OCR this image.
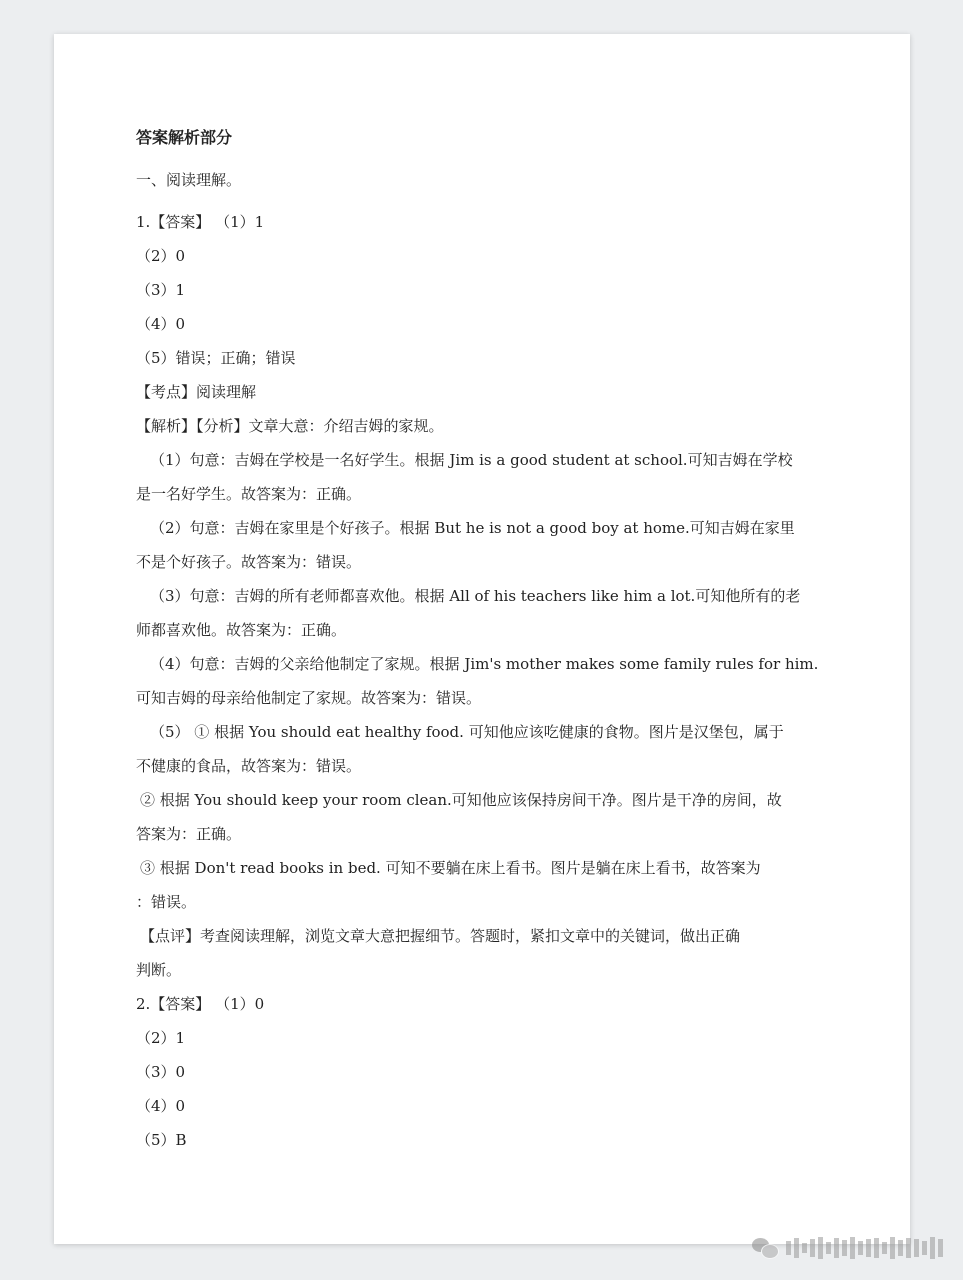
答案解析部分
一、阅读理解。
1.【答案】 （1）1
（2）0
（3）1
（4）0
（5）错误；正确；错误
【考点】阅读理解
【解析】【分析】文章大意：介绍吉姆的家规。
（1）句意：吉姆在学校是一名好学生。根据 Jim is a good student at school.可知吉姆在学校
是一名好学生。故答案为：正确。
（2）句意：吉姆在家里是个好孩子。根据 But he is not a good boy at home.可知吉姆在家里
不是个好孩子。故答案为：错误。
（3）句意：吉姆的所有老师都喜欢他。根据 All of his teachers like him a lot.可知他所有的老
师都喜欢他。故答案为：正确。
（4）句意：吉姆的父亲给他制定了家规。根据 Jim's mother makes some family rules for him.
可知吉姆的母亲给他制定了家规。故答案为：错误。
（5） ① 根据 You should eat healthy food. 可知他应该吃健康的食物。图片是汉堡包，属于
不健康的食品，故答案为：错误。
② 根据 You should keep your room clean.可知他应该保持房间干净。图片是干净的房间，故
答案为：正确。
③ 根据 Don't read books in bed. 可知不要躺在床上看书。图片是躺在床上看书，故答案为
：错误。
【点评】考查阅读理解，浏览文章大意把握细节。答题时，紧扣文章中的关键词，做出正确
判断。
2.【答案】 （1）0
（2）1
（3）0
（4）0
（5）B
